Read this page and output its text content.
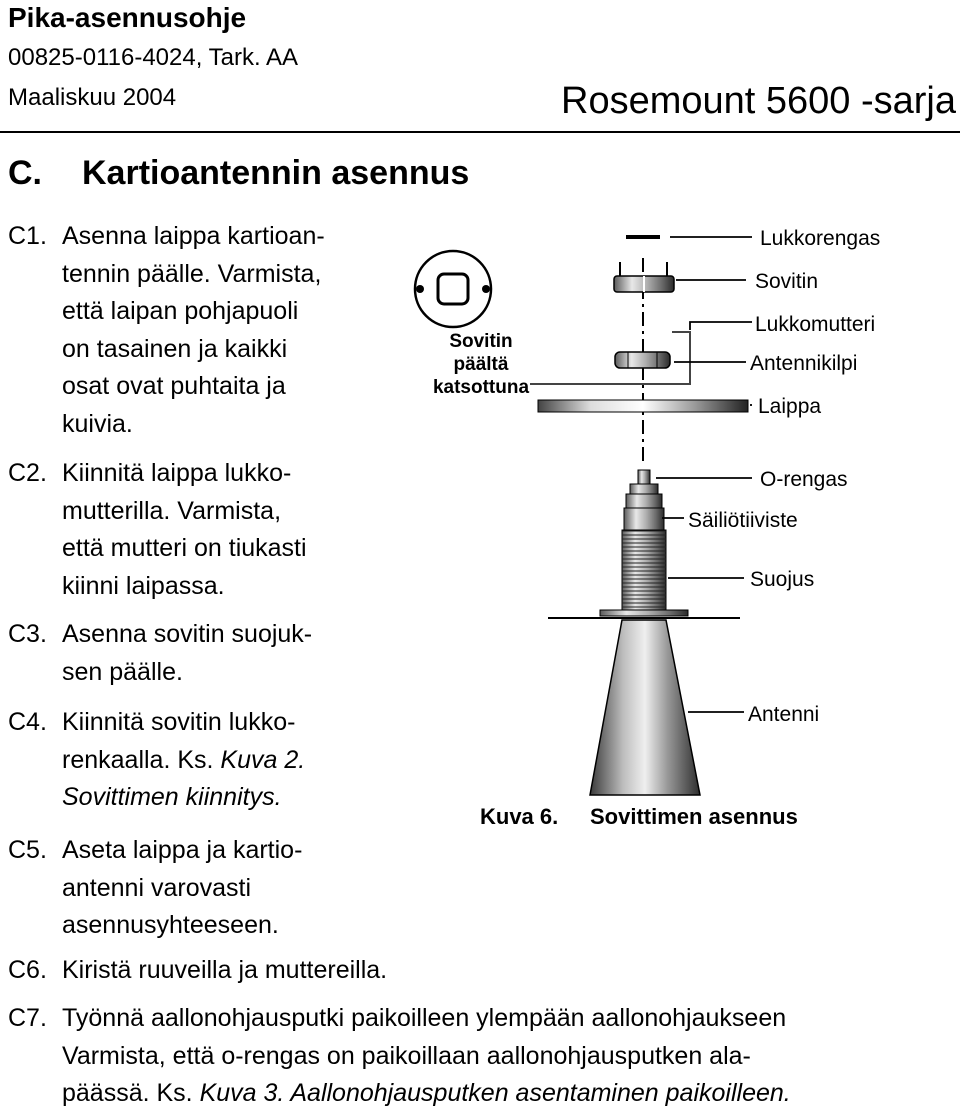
Pika-asennusohje
00825-0116-4024, Tark. AA
Maaliskuu 2004	Rosemount 5600 -sarja
C. Kartioantennin asennus
C1. Asenna laippa kartioan-
tennin päälle. Varmista,
että laipan pohjapuoli
on tasainen ja kaikki
osat ovat puhtaita ja
kuivia.
C2. Kiinnitä laippa lukko-
mutterilla. Varmista,
että mutteri on tiukasti
kiinni laipassa.
C3. Asenna sovitin suojuk-
sen päälle.
C4. Kiinnitä sovitin lukko-
renkaalla. Ks. Kuva 2.
Sovittimen kiinnitys.
C5. Aseta laippa ja kartio-
antenni varovasti
asennusyhteeseen.
C6. Kiristä ruuveilla ja muttereilla.
C7. Työnnä aallonohjausputki paikoilleen ylempään aallonohjaukseen
Varmista, että o-rengas on paikoillaan aallonohjausputken ala-
päässä. Ks. Kuva 3. Aallonohjausputken asentaminen paikoilleen.
Sovitin
päältä
katsottuna
Lukkorengas
Sovitin
Lukkomutteri
Antennikilpi
Laippa
O-rengas
Säiliötiiviste
Suojus
Antenni
Kuva 6. Sovittimen asennus
